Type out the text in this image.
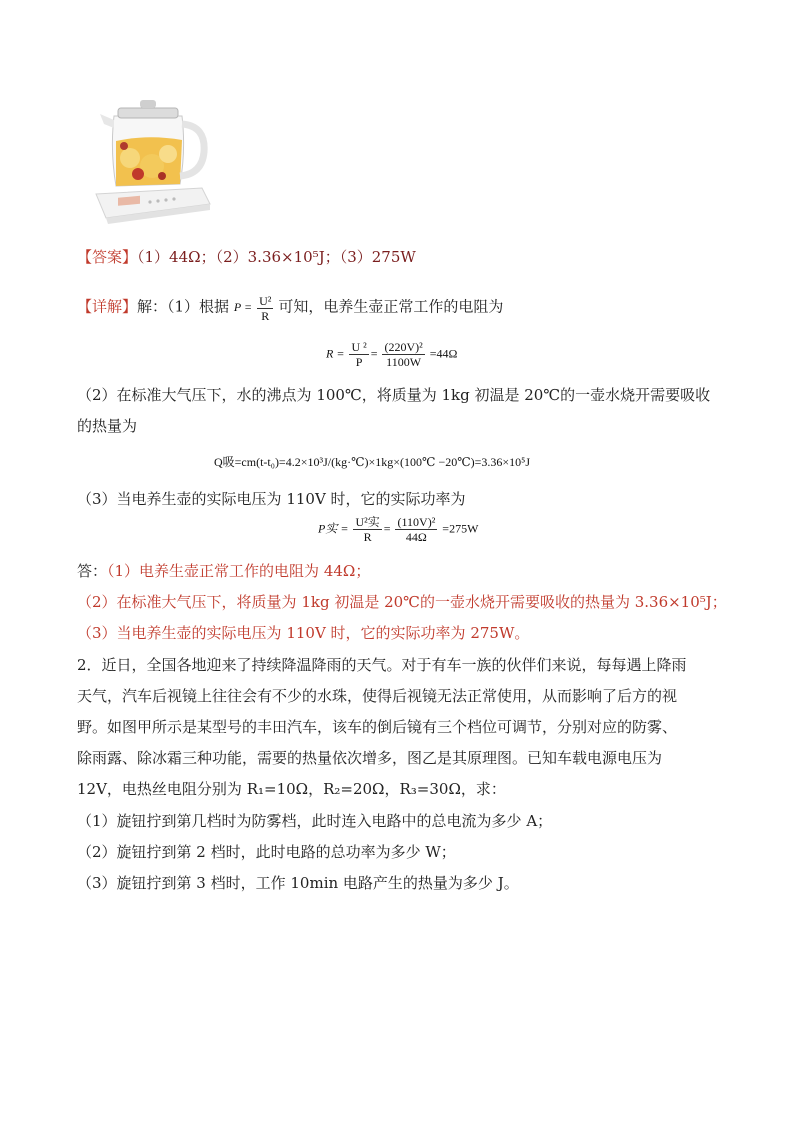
【答案】（1）44Ω；（2）3.36×10⁵J；（3）275W
【详解】解：（1）根据 $P = \frac{\text{U²}}{R}$ 可知，电养生壶正常工作的电阻为
$R = \frac{\text{U ²}}{P} = \frac{\text{(220V)²}}{1100W} =44\Omega$
（2）在标准大气压下，水的沸点为 100℃，将质量为 1kg 初温是 20℃的一壶水烧开需要吸收
的热量为
Q吸=cm(t-t₀)=4.2×10³J/(kg·℃)×1kg×(100℃ −20℃)=3.36×10⁵J
（3）当电养生壶的实际电压为 110V 时，它的实际功率为
P实 = $\frac{\text{U²实}}{R} = \frac{\text{(110V)²}}{44\Omega} =275W$
答：（1）电养生壶正常工作的电阻为 44Ω；
（2）在标准大气压下，将质量为 1kg 初温是 20℃的一壶水烧开需要吸收的热量为 3.36×10⁵J；
（3）当电养生壶的实际电压为 110V 时，它的实际功率为 275W。
2．近日，全国各地迎来了持续降温降雨的天气。对于有车一族的伙伴们来说，每每遇上降雨
天气，汽车后视镜上往往会有不少的水珠，使得后视镜无法正常使用，从而影响了后方的视
野。如图甲所示是某型号的丰田汽车，该车的倒后镜有三个档位可调节，分别对应的防雾、
除雨露、除冰霜三种功能，需要的热量依次增多，图乙是其原理图。已知车载电源电压为
12V，电热丝电阻分别为 R₁=10Ω，R₂=20Ω，R₃=30Ω，求：
（1）旋钮拧到第几档时为防雾档，此时连入电路中的总电流为多少 A；
（2）旋钮拧到第 2 档时，此时电路的总功率为多少 W；
（3）旋钮拧到第 3 档时，工作 10min 电路产生的热量为多少 J。
